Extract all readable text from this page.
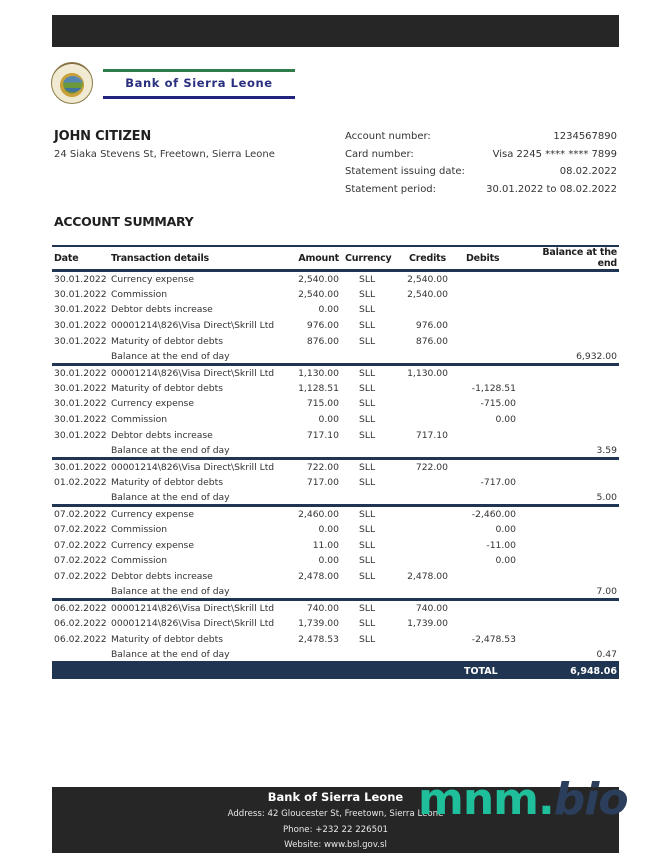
Bank of Sierra Leone
JOHN CITIZEN
24 Siaka Stevens St, Freetown, Sierra Leone
Account number:	1234567890
Card number:	Visa 2245 **** **** 7899
Statement issuing date:	08.02.2022
Statement period:	30.01.2022 to 08.02.2022
ACCOUNT SUMMARY
Date	Transaction details	Amount	Currency	Credits	Debits	Balance at the end
30.01.2022	Currency expense	2,540.00	SLL	2,540.00		
30.01.2022	Commission	2,540.00	SLL	2,540.00		
30.01.2022	Debtor debts increase	0.00	SLL			
30.01.2022	00001214\826\Visa Direct\Skrill Ltd	976.00	SLL	976.00		
30.01.2022	Maturity of debtor debts	876.00	SLL	876.00		
	Balance at the end of day					6,932.00
30.01.2022	00001214\826\Visa Direct\Skrill Ltd	1,130.00	SLL	1,130.00		
30.01.2022	Maturity of debtor debts	1,128.51	SLL		-1,128.51	
30.01.2022	Currency expense	715.00	SLL		-715.00	
30.01.2022	Commission	0.00	SLL		0.00	
30.01.2022	Debtor debts increase	717.10	SLL	717.10		
	Balance at the end of day					3.59
30.01.2022	00001214\826\Visa Direct\Skrill Ltd	722.00	SLL	722.00		
01.02.2022	Maturity of debtor debts	717.00	SLL		-717.00	
	Balance at the end of day					5.00
07.02.2022	Currency expense	2,460.00	SLL		-2,460.00	
07.02.2022	Commission	0.00	SLL		0.00	
07.02.2022	Currency expense	11.00	SLL		-11.00	
07.02.2022	Commission	0.00	SLL		0.00	
07.02.2022	Debtor debts increase	2,478.00	SLL	2,478.00		
	Balance at the end of day					7.00
06.02.2022	00001214\826\Visa Direct\Skrill Ltd	740.00	SLL	740.00		
06.02.2022	00001214\826\Visa Direct\Skrill Ltd	1,739.00	SLL	1,739.00		
06.02.2022	Maturity of debtor debts	2,478.53	SLL		-2,478.53	
	Balance at the end of day					0.47
					TOTAL	6,948.06
Bank of Sierra Leone
Address: 42 Gloucester St, Freetown, Sierra Leone
Phone: +232 22 226501
Website: www.bsl.gov.sl
mnm.bio
